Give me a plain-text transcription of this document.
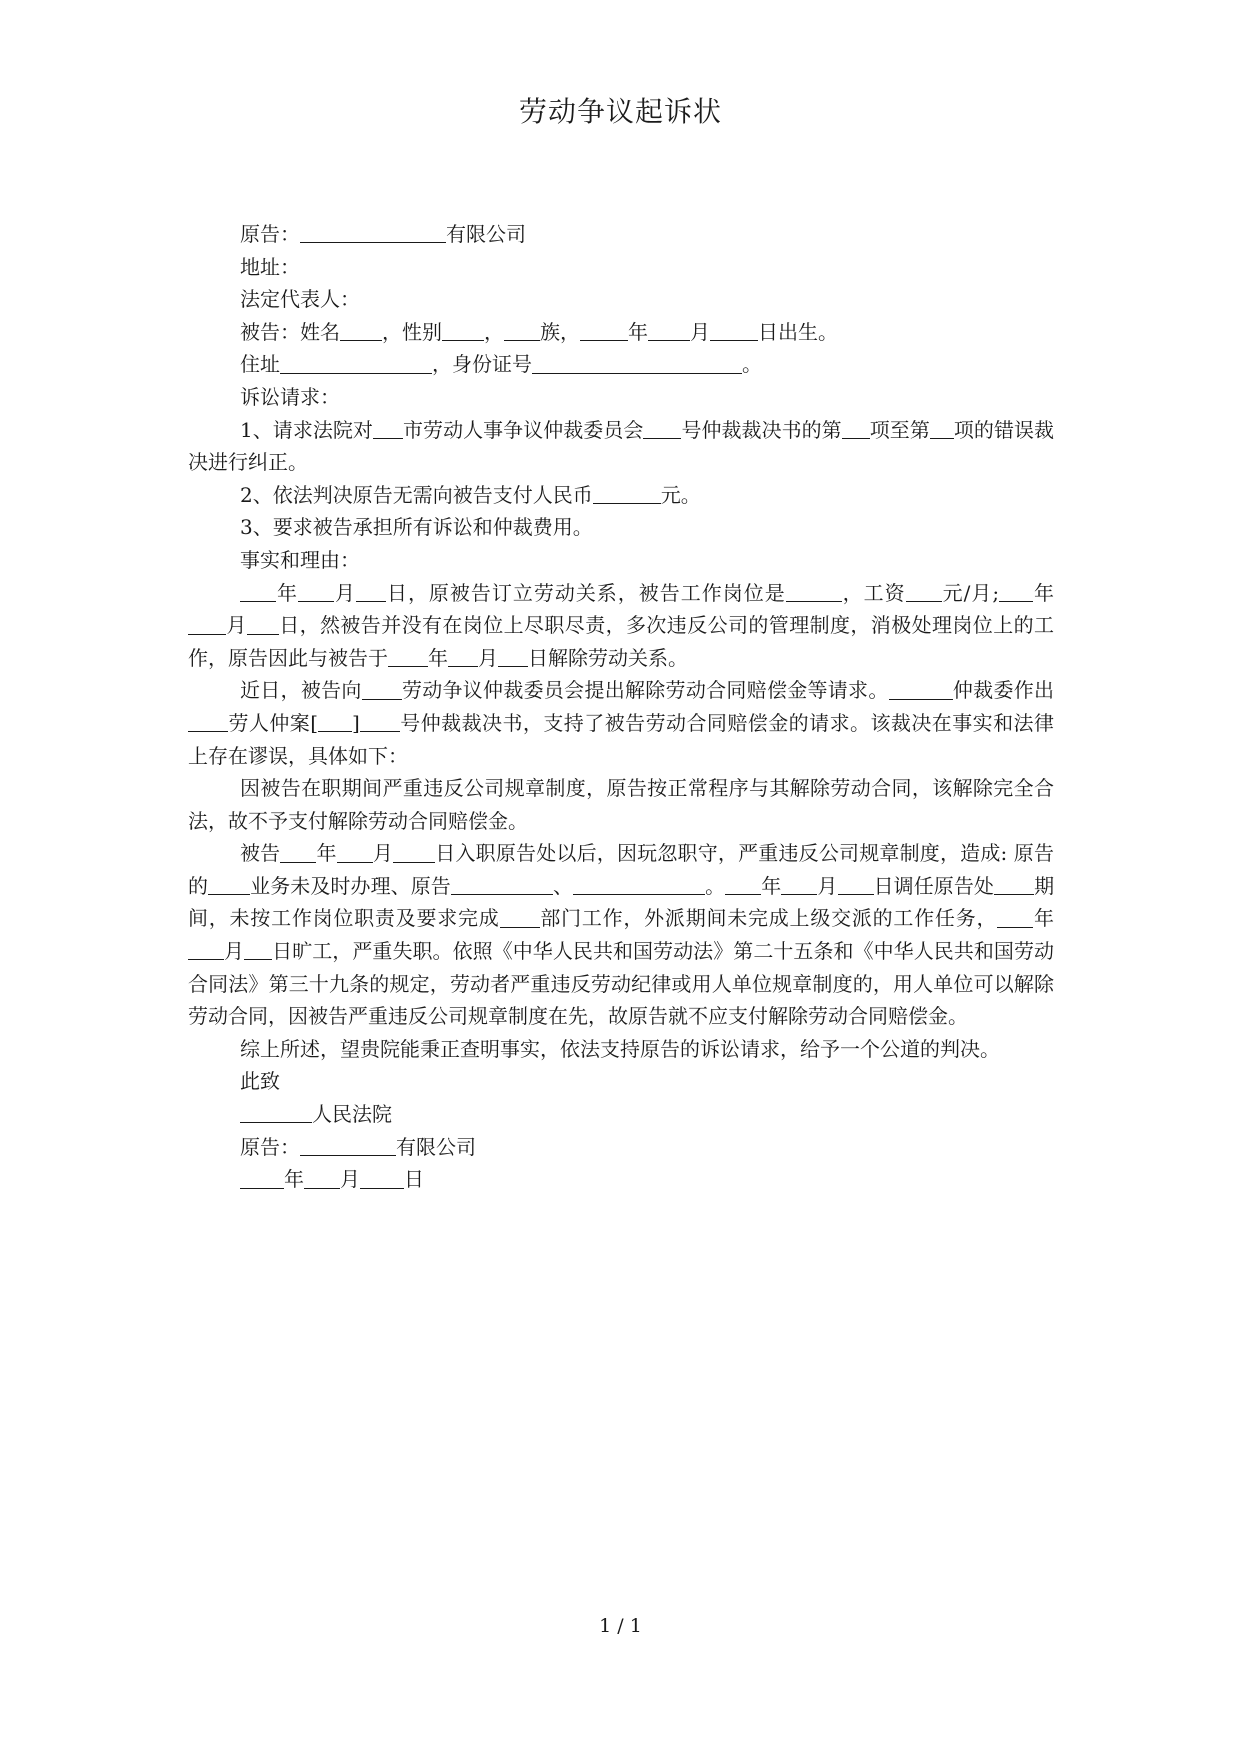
劳动争议起诉状

原告：	有限公司

地址：

法定代表人：

被告：姓名 ，性别 ， 族， 年 月 日出生。

住址	，身份证号	。

诉讼请求：

1、请求法院对 市劳动人事争议仲裁委员会 号仲裁裁决书的第 项至第 项的错误裁决进行纠正。

2、依法判决原告无需向被告支付人民币	元。

3、要求被告承担所有诉讼和仲裁费用。

事实和理由：

年 月 日，原被告订立劳动关系，被告工作岗位是	，工资 元/月; 年月 日，然被告并没有在岗位上尽职尽责，多次违反公司的管理制度，消极处理岗位上的工作，原告因此与被告于 年 月 日解除劳动关系。

近日，被告向 劳动争议仲裁委员会提出解除劳动合同赔偿金等请求。	仲裁委作出劳人仲案[ ] 号仲裁裁决书，支持了被告劳动合同赔偿金的请求。该裁决在事实和法律上存在谬误，具体如下：

因被告在职期间严重违反公司规章制度，原告按正常程序与其解除劳动合同，该解除完全合法，故不予支付解除劳动合同赔偿金。

被告 年 月 日入职原告处以后，因玩忽职守，严重违反公司规章制度，造成: 原告的 业务未及时办理、原告	、	。 年 月 日调任原告处 期间，未按工作岗位职责及要求完成 部门工作，外派期间未完成上级交派的工作任务， 年月 日旷工，严重失职。依照《中华人民共和国劳动法》第二十五条和《中华人民共和国劳动合同法》第三十九条的规定，劳动者严重违反劳动纪律或用人单位规章制度的，用人单位可以解除劳动合同，因被告严重违反公司规章制度在先，故原告就不应支付解除劳动合同赔偿金。

综上所述，望贵院能秉正查明事实，依法支持原告的诉讼请求，给予一个公道的判决。

此致

人民法院

原告：	有限公司

年 月 日

1 / 1
